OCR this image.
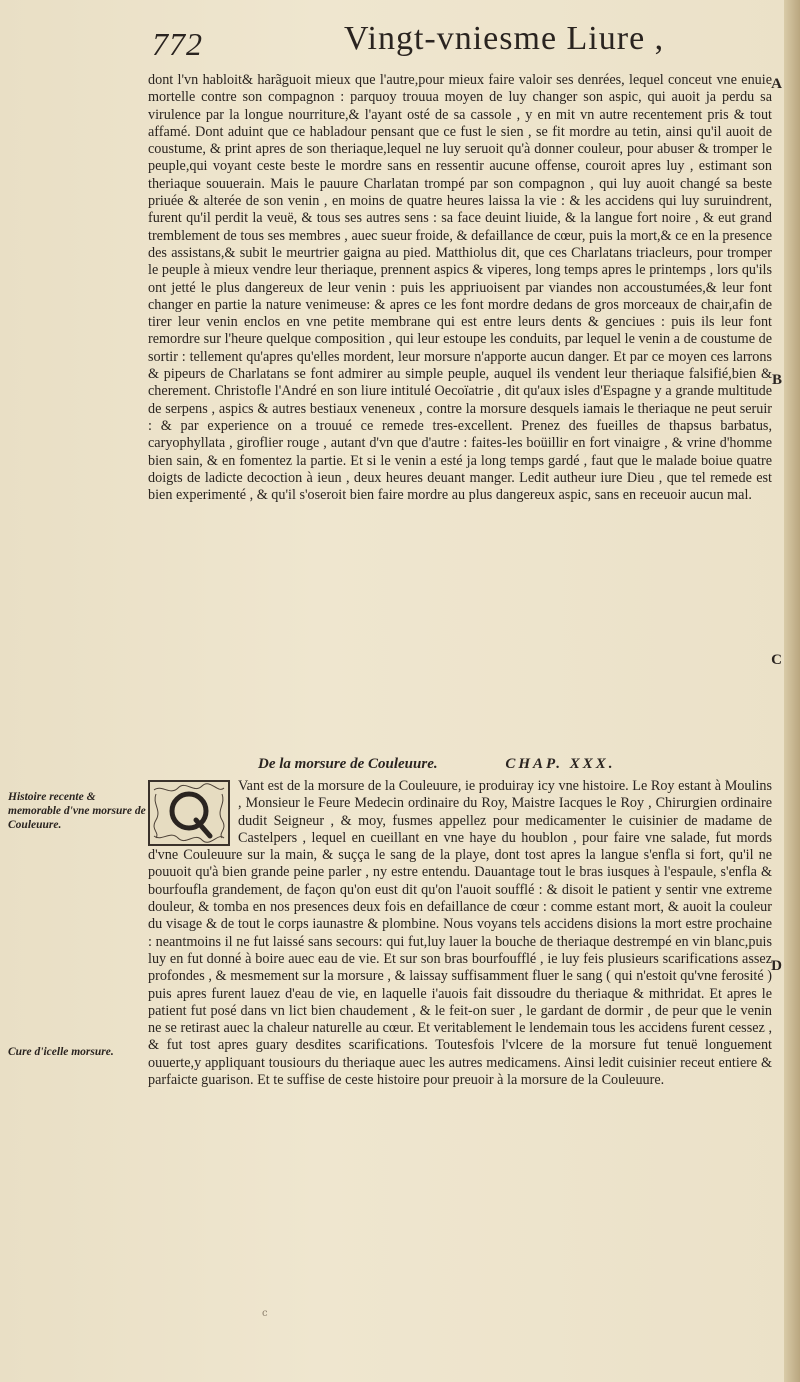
772	Vingt-vniesme Liure ,

dont l'vn habloit& harãguoit mieux que l'autre,pour mieux faire valoir ses denrées, lequel conceut vne enuie mortelle contre son compagnon : parquoy trouua moyen de luy changer son aspic, qui auoit ja perdu sa virulence par la longue nourriture,& l'ayant osté de sa cassole , y en mit vn autre recentement pris & tout affamé. Dont aduint que ce habladour pensant que ce fust le sien , se fit mordre au tetin, ainsi qu'il auoit de coustume, & print apres de son theriaque,lequel ne luy seruoit qu'à donner couleur, pour abuser & tromper le peuple,qui voyant ceste beste le mordre sans en ressentir aucune offense, couroit apres luy , estimant son theriaque souuerain. Mais le pauure Charlatan trompé par son compagnon , qui luy auoit changé sa beste priuée & alterée de son venin , en moins de quatre heures laissa la vie : & les accidens qui luy suruindrent, furent qu'il perdit la veuë, & tous ses autres sens : sa face deuint liuide, & la langue fort noire , & eut grand tremblement de tous ses membres , auec sueur froide, & defaillance de cœur, puis la mort,& ce en la presence des assistans,& subit le meurtrier gaigna au pied. Matthiolus dit, que ces Charlatans triacleurs, pour tromper le peuple à mieux vendre leur theriaque, prennent aspics & viperes, long temps apres le printemps , lors qu'ils ont jetté le plus dangereux de leur venin : puis les appriuoisent par viandes non accoustumées,& leur font changer en partie la nature venimeuse: & apres ce les font mordre dedans de gros morceaux de chair,afin de tirer leur venin enclos en vne petite membrane qui est entre leurs dents & genciues : puis ils leur font remordre sur l'heure quelque composition , qui leur estoupe les conduits, par lequel le venin a de coustume de sortir : tellement qu'apres qu'elles mordent, leur morsure n'apporte aucun danger. Et par ce moyen ces larrons & pipeurs de Charlatans se font admirer au simple peuple, auquel ils vendent leur theriaque falsifié,bien & cherement. Christofle l'André en son liure intitulé Oecoïatrie , dit qu'aux isles d'Espagne y a grande multitude de serpens , aspics & autres bestiaux veneneux , contre la morsure desquels iamais le theriaque ne peut seruir : & par experience on a trouué ce remede tres-excellent. Prenez des fueilles de thapsus barbatus, caryophyllata , giroflier rouge , autant d'vn que d'autre : faites-les boüillir en fort vinaigre , & vrine d'homme bien sain, & en fomentez la partie. Et si le venin a esté ja long temps gardé , faut que le malade boiue quatre doigts de ladicte decoction à ieun , deux heures deuant manger. Ledit autheur iure Dieu , que tel remede est bien experimenté , & qu'il s'oseroit bien faire mordre au plus dangereux aspic, sans en receuoir aucun mal.

De la morsure de Couleuure.	CHAP. XXX.

Vant est de la morsure de la Couleuure, ie produiray icy vne histoire. Le Roy estant à Moulins , Monsieur le Feure Medecin ordinaire du Roy, Maistre Iacques le Roy , Chirurgien ordinaire dudit Seigneur , & moy, fusmes appellez pour medicamenter le cuisinier de madame de Castelpers , lequel en cueillant en vne haye du houblon , pour faire vne salade, fut mords d'vne Couleuure sur la main, & suçça le sang de la playe, dont tost apres la langue s'enfla si fort, qu'il ne pouuoit qu'à bien grande peine parler , ny estre entendu. Dauantage tout le bras iusques à l'espaule, s'enfla & bourfoufla grandement, de façon qu'on eust dit qu'on l'auoit soufflé : & disoit le patient y sentir vne extreme douleur, & tomba en nos presences deux fois en defaillance de cœur : comme estant mort, & auoit la couleur du visage & de tout le corps iaunastre & plombine. Nous voyans tels accidens disions la mort estre prochaine : neantmoins il ne fut laissé sans secours: qui fut,luy lauer la bouche de theriaque destrempé en vin blanc,puis luy en fut donné à boire auec eau de vie. Et sur son bras bourfoufflé , ie luy feis plusieurs scarifications assez profondes , & mesmement sur la morsure , & laissay suffisamment fluer le sang ( qui n'estoit qu'vne ferosité ) puis apres furent lauez d'eau de vie, en laquelle i'auois fait dissoudre du theriaque & mithridat. Et apres le patient fut posé dans vn lict bien chaudement , & le feit-on suer , le gardant de dormir , de peur que le venin ne se retirast auec la chaleur naturelle au cœur. Et veritablement le lendemain tous les accidens furent cessez , & fut tost apres guary desdites scarifications. Toutesfois l'vlcere de la morsure fut tenuë longuement ouuerte,y appliquant tousiours du theriaque auec les autres medicamens. Ainsi ledit cuisinier receut entiere & parfaicte guarison. Et te suffise de ceste histoire pour preuoir à la morsure de la Couleuure.

Histoire recente & memorable d'vne morsure de Couleuure.
Cure d'icelle morsure.
A
B
C
D
c
